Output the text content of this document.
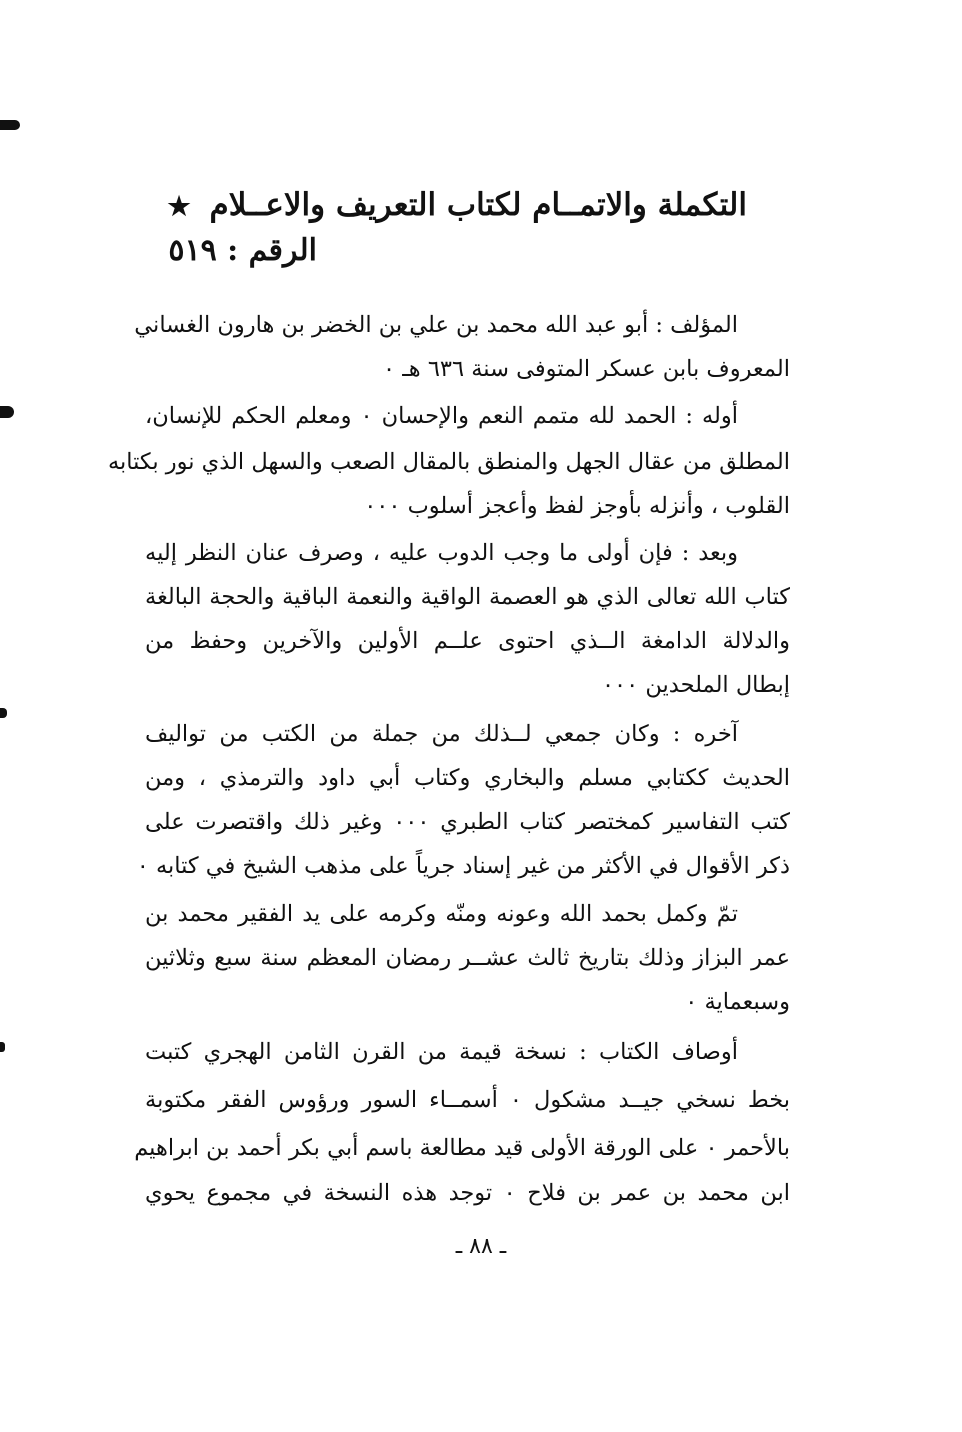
التكملة والاتمــام لكتاب التعريف والاعــلام ★
الرقم : ٥١٩
المؤلف : أبو عبد الله محمد بن علي بن الخضر بن هارون الغساني
المعروف بابن عسكر المتوفى سنة ٦٣٦ هـ ٠
أوله : الحمد لله متمم النعم والإحسان ٠ ومعلم الحكم للإنسان،
المطلق من عقال الجهل والمنطق بالمقال الصعب والسهل الذي نور بكتابه
القلوب ، وأنزله بأوجز لفظ وأعجز أسلوب ٠٠٠
وبعد : فإن أولى ما وجب الدوب عليه ، وصرف عنان النظر إليه
كتاب الله تعالى الذي هو العصمة الواقية والنعمة الباقية والحجة البالغة
والدلالة الدامغة الــذي احتوى علــم الأولين والآخرين وحفظ من
إبطال الملحدين ٠٠٠
آخره : وكان جمعي لــذلك من جملة من الكتب من تواليف
الحديث ككتابي مسلم والبخاري وكتاب أبي داود والترمذي ، ومن
كتب التفاسير كمختصر كتاب الطبري ٠٠٠ وغير ذلك واقتصرت على
ذكر الأقوال في الأكثر من غير إسناد جرياً على مذهب الشيخ في كتابه ٠
تمّ وكمل بحمد الله وعونه ومنّه وكرمه على يد الفقير محمد بن
عمر البزاز وذلك بتاريخ ثالث عشــر رمضان المعظم سنة سبع وثلاثين
وسبعماية ٠
أوصاف الكتاب : نسخة قيمة من القرن الثامن الهجري كتبت
بخط نسخي جيــد مشكول ٠ أسمــاء السور ورؤوس الفقر مكتوبة
بالأحمر ٠ على الورقة الأولى قيد مطالعة باسم أبي بكر أحمد بن ابراهيم
ابن محمد بن عمر بن فلاح ٠ توجد هذه النسخة في مجموع يحوي
ـ ٨٨ ـ
